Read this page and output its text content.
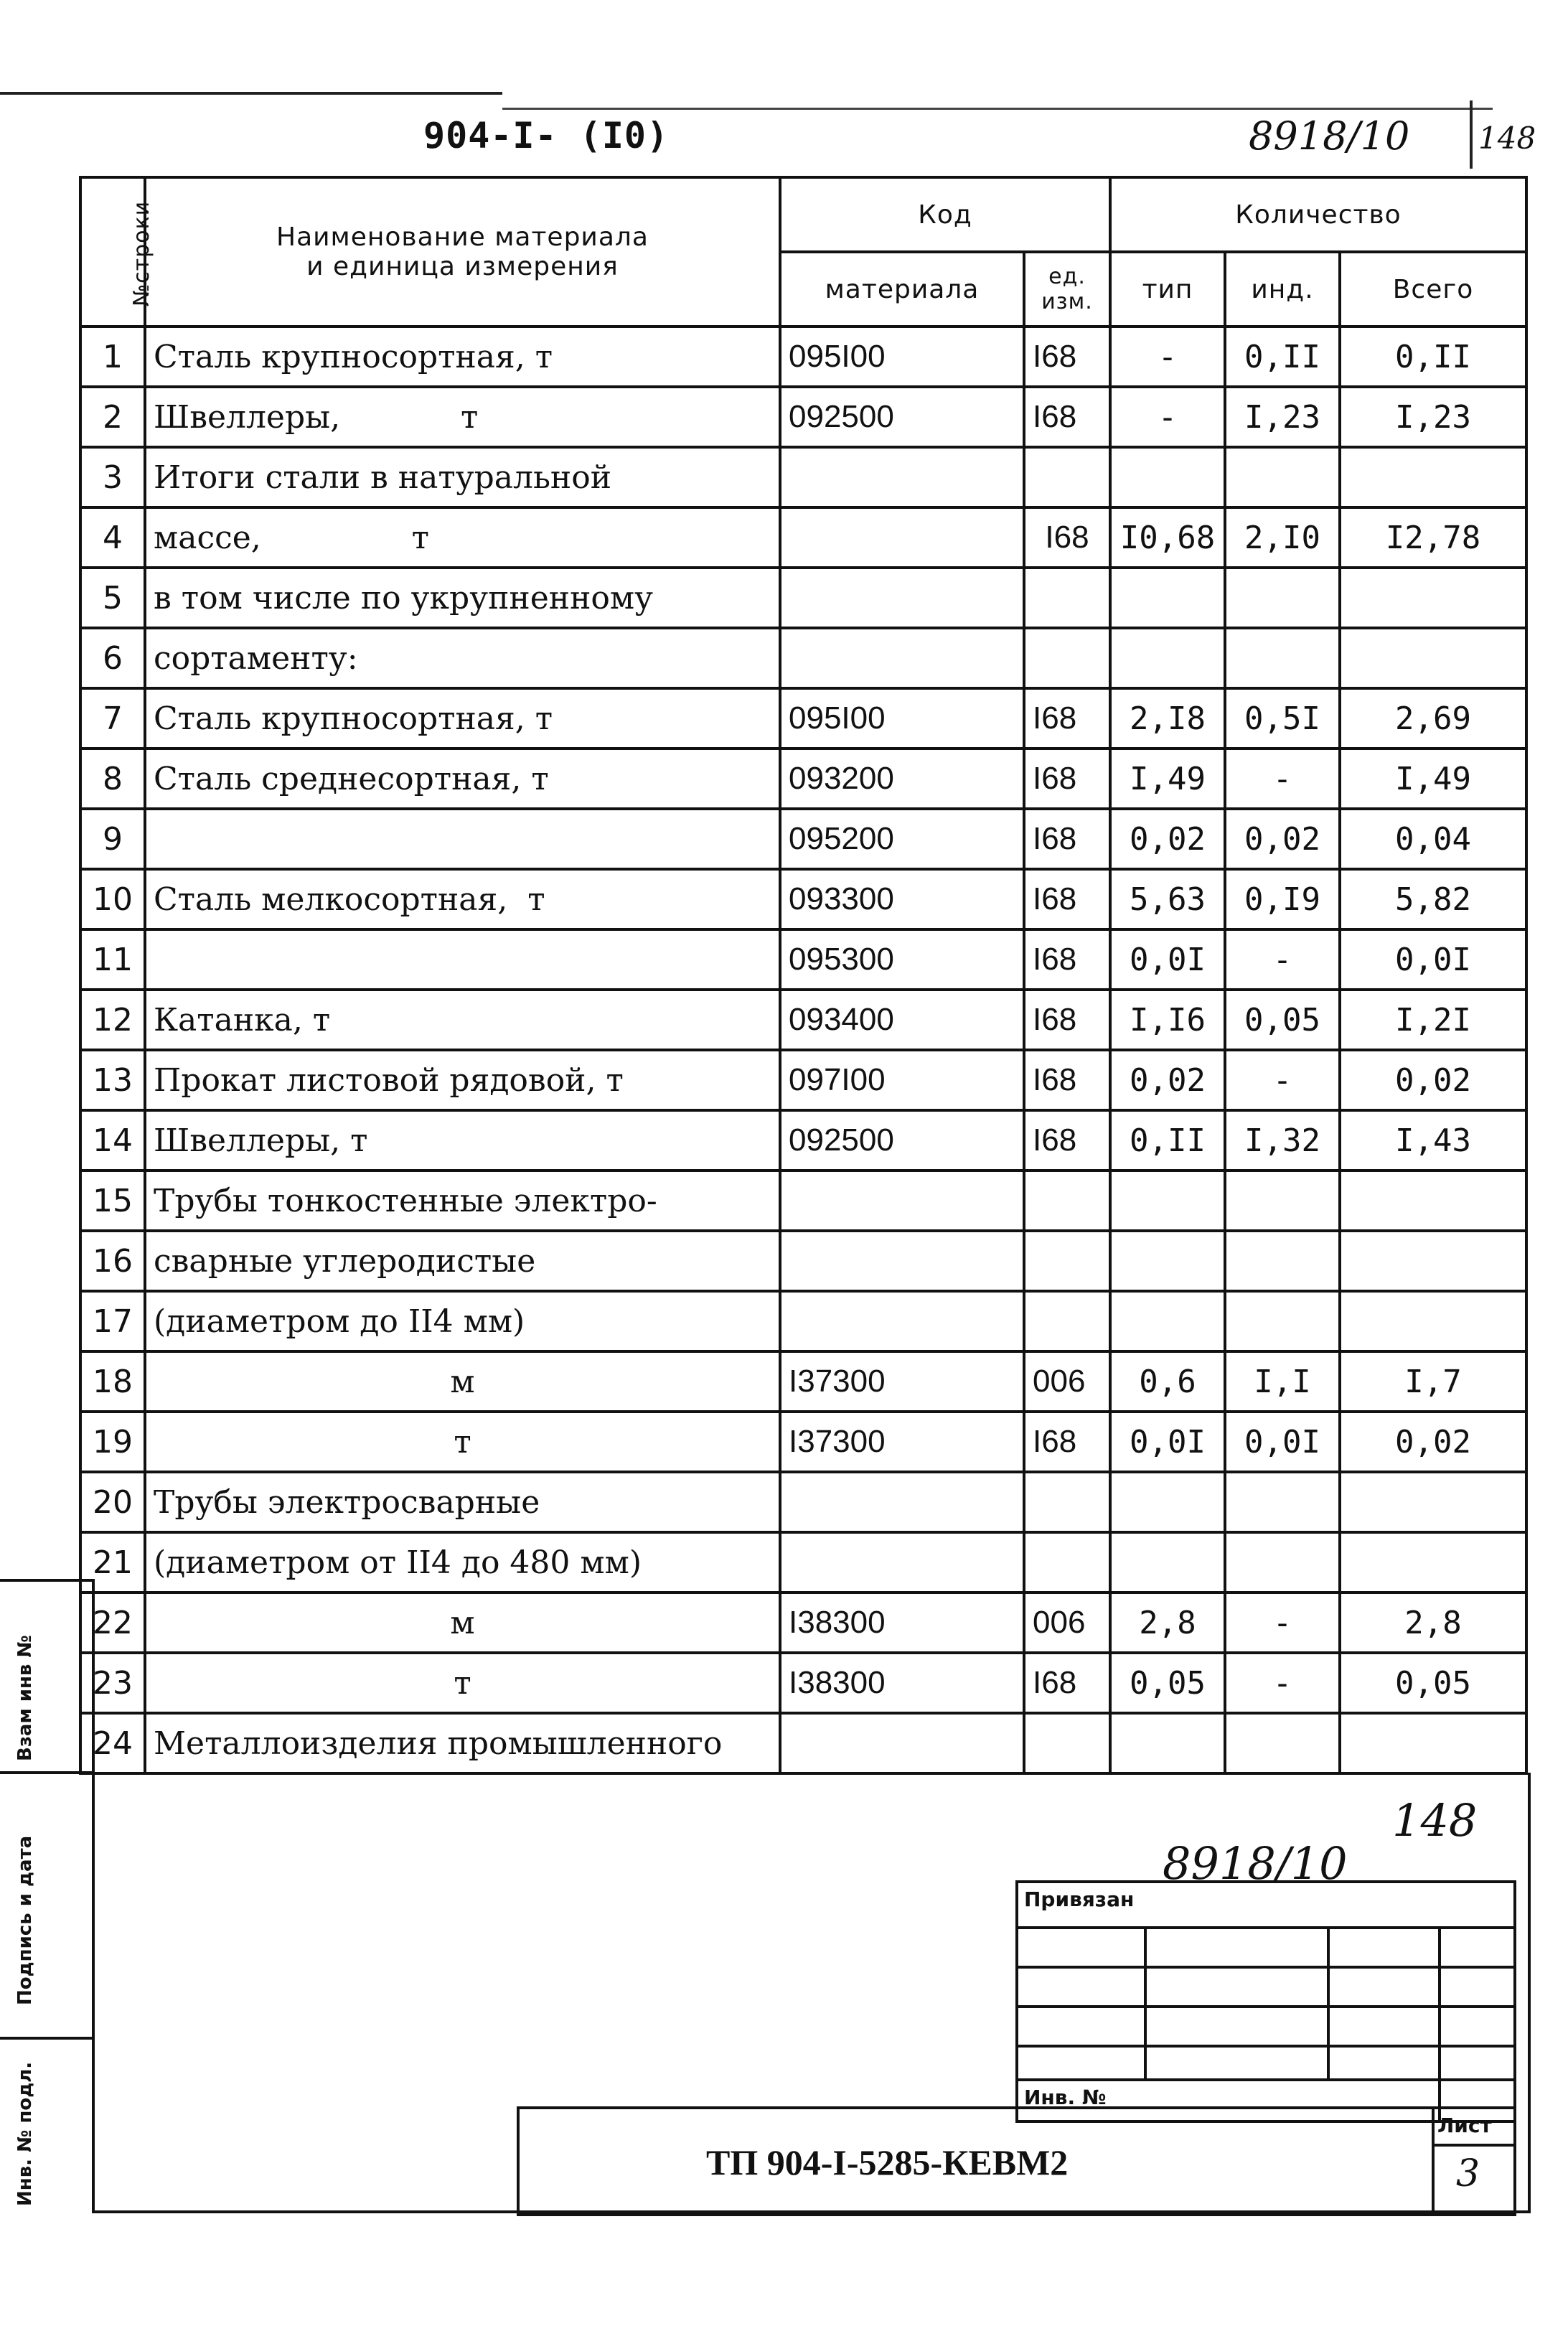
904-I- (I0)	8918/10 148
№строки	Наименование материала
и единица измерения	Код		Количество		
		материала	ед. изм.	тип	инд.	Всего
1	Сталь крупносортная, т	095I00	I68	-	0,II	0,II
2	Швеллеры,            т	092500	I68	-	I,23	I,23
3	Итоги стали в натуральной					
4	массе,               т		I68	I0,68	2,I0	I2,78
5	в том числе по укрупненному					
6	сортаменту:					
7	Сталь крупносортная, т	095I00	I68	2,I8	0,5I	2,69
8	Сталь среднесортная, т	093200	I68	I,49	-	I,49
9		095200	I68	0,02	0,02	0,04
10	Сталь мелкосортная,  т	093300	I68	5,63	0,I9	5,82
11		095300	I68	0,0I	-	0,0I
12	Катанка, т	093400	I68	I,I6	0,05	I,2I
13	Прокат листовой рядовой, т	097I00	I68	0,02	-	0,02
14	Швеллеры, т	092500	I68	0,II	I,32	I,43
15	Трубы тонкостенные электро-					
16	сварные углеродистые					
17	(диаметром до II4 мм)					
18	м	I37300	006	0,6	I,I	I,7
19	т	I37300	I68	0,0I	0,0I	0,02
20	Трубы электросварные					
21	(диаметром от II4 до 480 мм)					
22	м	I38300	006	2,8	-	2,8
23	т	I38300	I68	0,05	-	0,05
24	Металлоизделия промышленного					
Взам инв №
Подпись и дата
Инв. № подл.
148
8918/10
Привязан
Инв. №
ТП 904-I-5285-КЕВМ2
Лист
3
